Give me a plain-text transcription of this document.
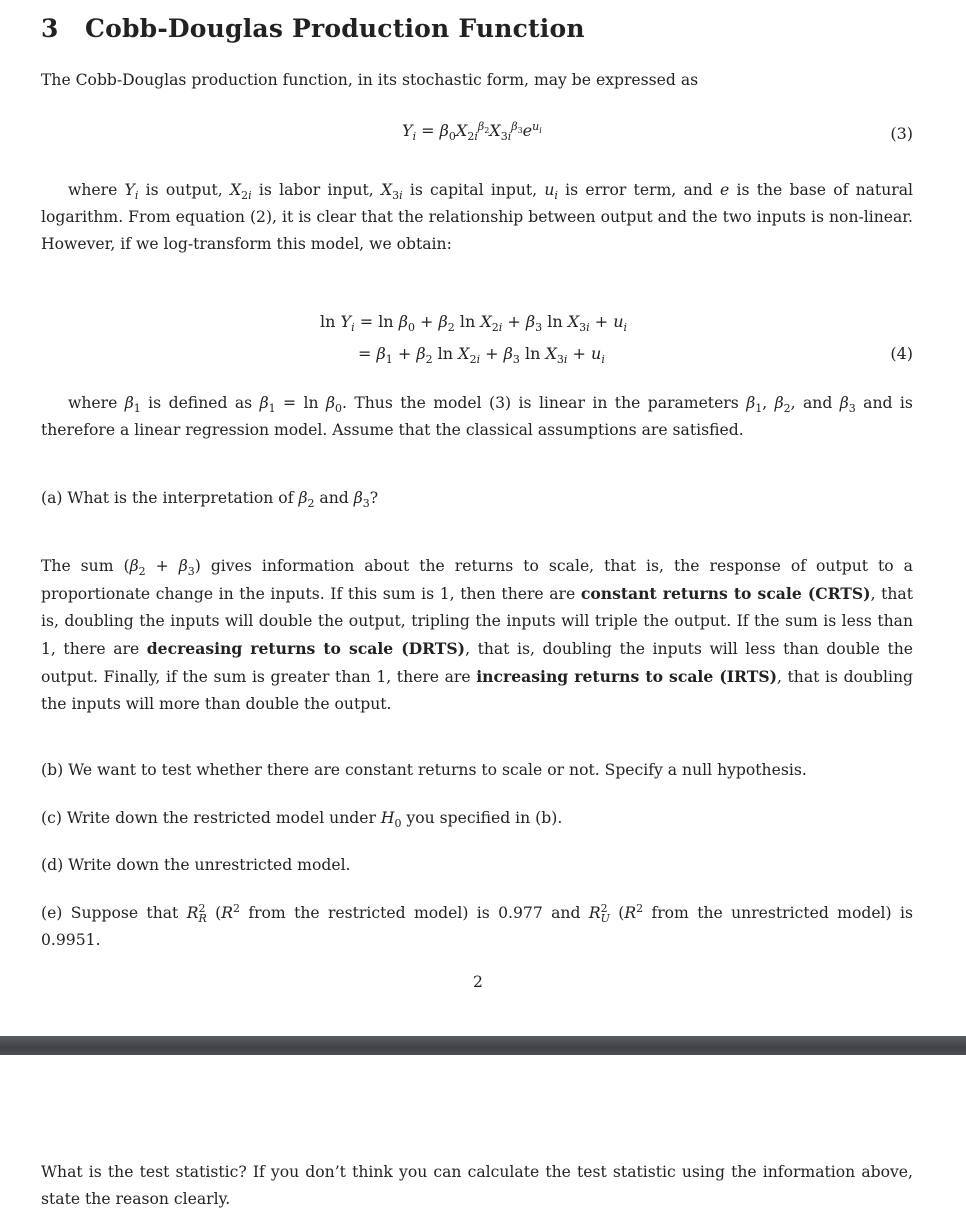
3 Cobb-Douglas Production Function

The Cobb-Douglas production function, in its stochastic form, may be expressed as

$Y_i = \beta_0X_{2i}^{\beta_2}X_{3i}^{\beta_3}e^{u_i}$	(3)

where $Y_i$ is output, $X_{2i}$ is labor input, $X_{3i}$ is capital input, $u_i$ is error term, and e is the base of natural logarithm. From equation (2), it is clear that the relationship between output and the two inputs is non-linear. However, if we log-transform this model, we obtain:

$\ln Y_i = \ln \beta_0 + \beta_2$ $\ln X_{2i} + \beta_3$ $\ln X_{3i} + u_i$
= $\beta_1 + \beta_2$ $\ln X_{2i} + \beta_3$ $\ln X_{3i} + u_i$	(4)

where $\beta_1$ is defined as $\beta_1 = \ln \beta_0$. Thus the model (3) is linear in the parameters $\beta_1$, $\beta_2$, and $\beta_3$ and is therefore a linear regression model. Assume that the classical assumptions are satisfied.

(a) What is the interpretation of $\beta_2$ and $\beta_3$?

The sum $(\beta_2 + \beta_3)$ gives information about the returns to scale, that is, the response of output to a proportionate change in the inputs. If this sum is 1, then there are constant returns to scale (CRTS), that is, doubling the inputs will double the output, tripling the inputs will triple the output. If the sum is less than 1, there are decreasing returns to scale (DRTS), that is, doubling the inputs will less than double the output. Finally, if the sum is greater than 1, there are increasing returns to scale (IRTS), that is doubling the inputs will more than double the output.

(b) We want to test whether there are constant returns to scale or not. Specify a null hypothesis.

(c) Write down the restricted model under $H_0$ you specified in (b).

(d) Write down the unrestricted model.

(e) Suppose that $R^2_R$ ($R^2$ from the restricted model) is 0.977 and $R^2_U$ ($R^2$ from the unrestricted model) is 0.9951.

2

What is the test statistic? If you don’t think you can calculate the test statistic using the information above, state the reason clearly.
